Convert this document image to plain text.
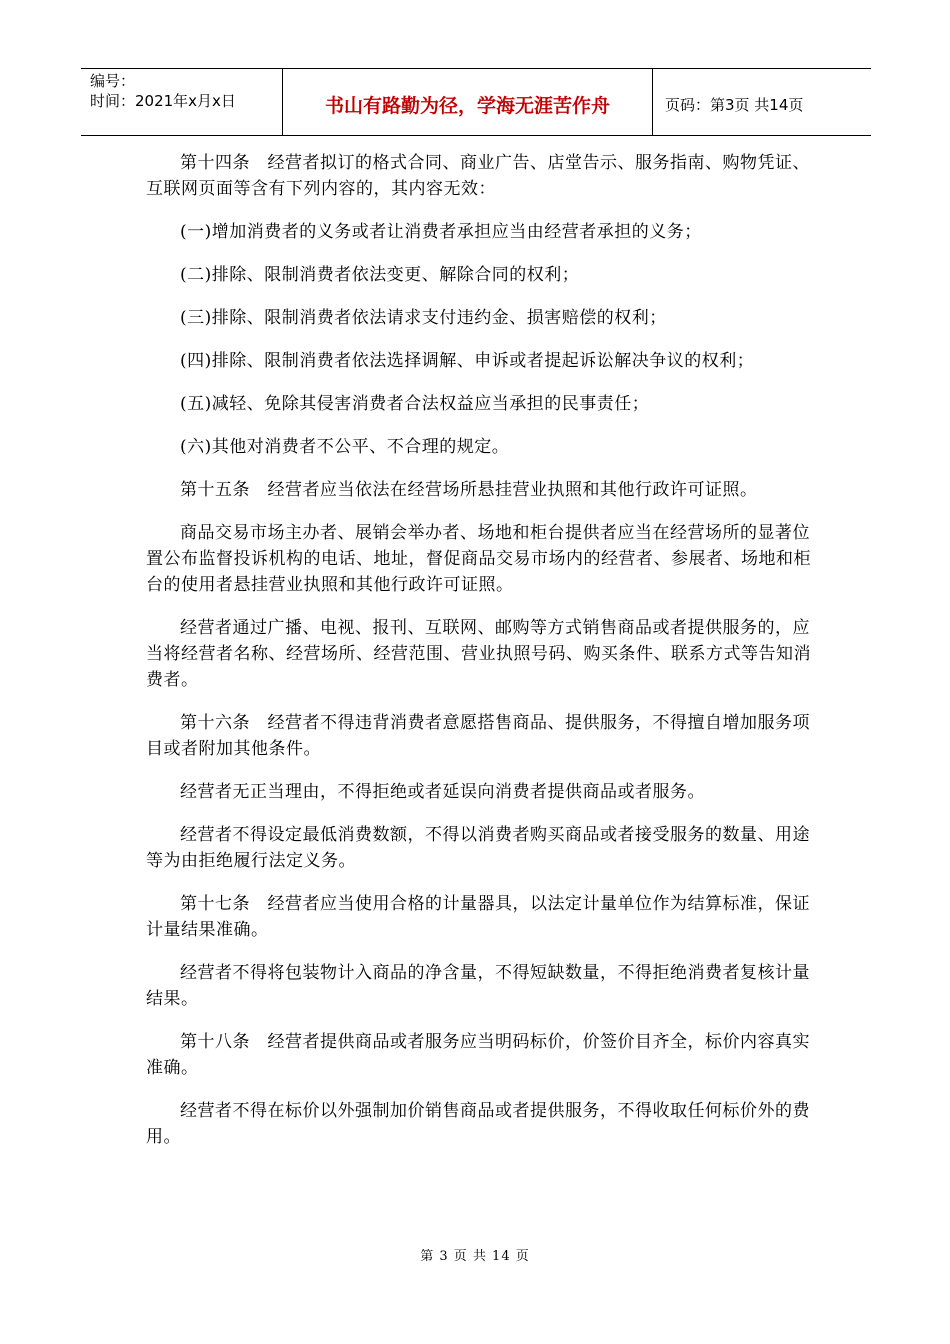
编号：
时间：2021年x月x日	书山有路勤为径，学海无涯苦作舟	页码：第3页 共14页

第十四条　经营者拟订的格式合同、商业广告、店堂告示、服务指南、购物凭证、互联网页面等含有下列内容的，其内容无效：

(一)增加消费者的义务或者让消费者承担应当由经营者承担的义务；

(二)排除、限制消费者依法变更、解除合同的权利；

(三)排除、限制消费者依法请求支付违约金、损害赔偿的权利；

(四)排除、限制消费者依法选择调解、申诉或者提起诉讼解决争议的权利；

(五)减轻、免除其侵害消费者合法权益应当承担的民事责任；

(六)其他对消费者不公平、不合理的规定。

第十五条　经营者应当依法在经营场所悬挂营业执照和其他行政许可证照。

商品交易市场主办者、展销会举办者、场地和柜台提供者应当在经营场所的显著位置公布监督投诉机构的电话、地址，督促商品交易市场内的经营者、参展者、场地和柜台的使用者悬挂营业执照和其他行政许可证照。

经营者通过广播、电视、报刊、互联网、邮购等方式销售商品或者提供服务的，应当将经营者名称、经营场所、经营范围、营业执照号码、购买条件、联系方式等告知消费者。

第十六条　经营者不得违背消费者意愿搭售商品、提供服务，不得擅自增加服务项目或者附加其他条件。

经营者无正当理由，不得拒绝或者延误向消费者提供商品或者服务。

经营者不得设定最低消费数额，不得以消费者购买商品或者接受服务的数量、用途等为由拒绝履行法定义务。

第十七条　经营者应当使用合格的计量器具，以法定计量单位作为结算标准，保证计量结果准确。

经营者不得将包装物计入商品的净含量，不得短缺数量，不得拒绝消费者复核计量结果。

第十八条　经营者提供商品或者服务应当明码标价，价签价目齐全，标价内容真实准确。

经营者不得在标价以外强制加价销售商品或者提供服务，不得收取任何标价外的费用。

第 3 页 共 14 页
